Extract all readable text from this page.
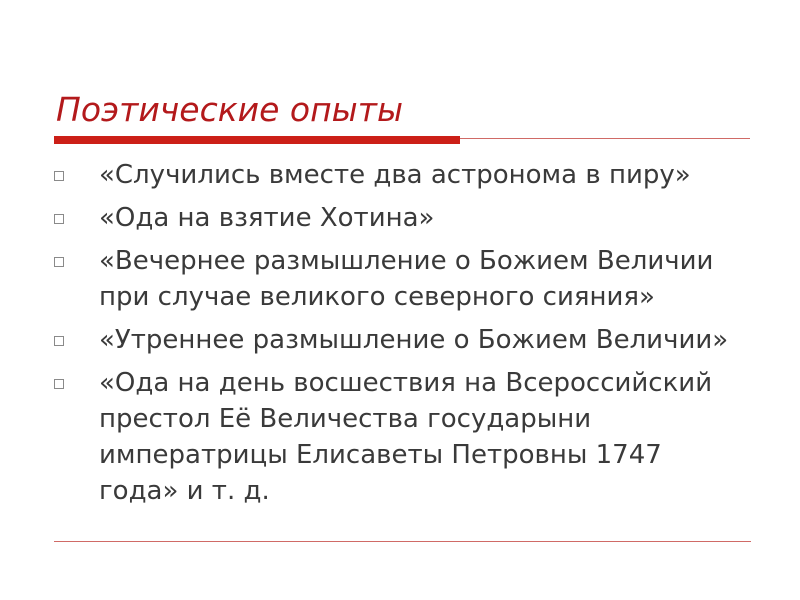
Поэтические опыты
«Случились вместе два астронома в пиру»
«Ода на взятие Хотина»
«Вечернее размышление о Божием Величии при случае великого северного сияния»
«Утреннее размышление о Божием Величии»
«Ода на день восшествия на Всероссийский престол Её Величества государыни императрицы Елисаветы Петровны 1747 года» и т. д.
